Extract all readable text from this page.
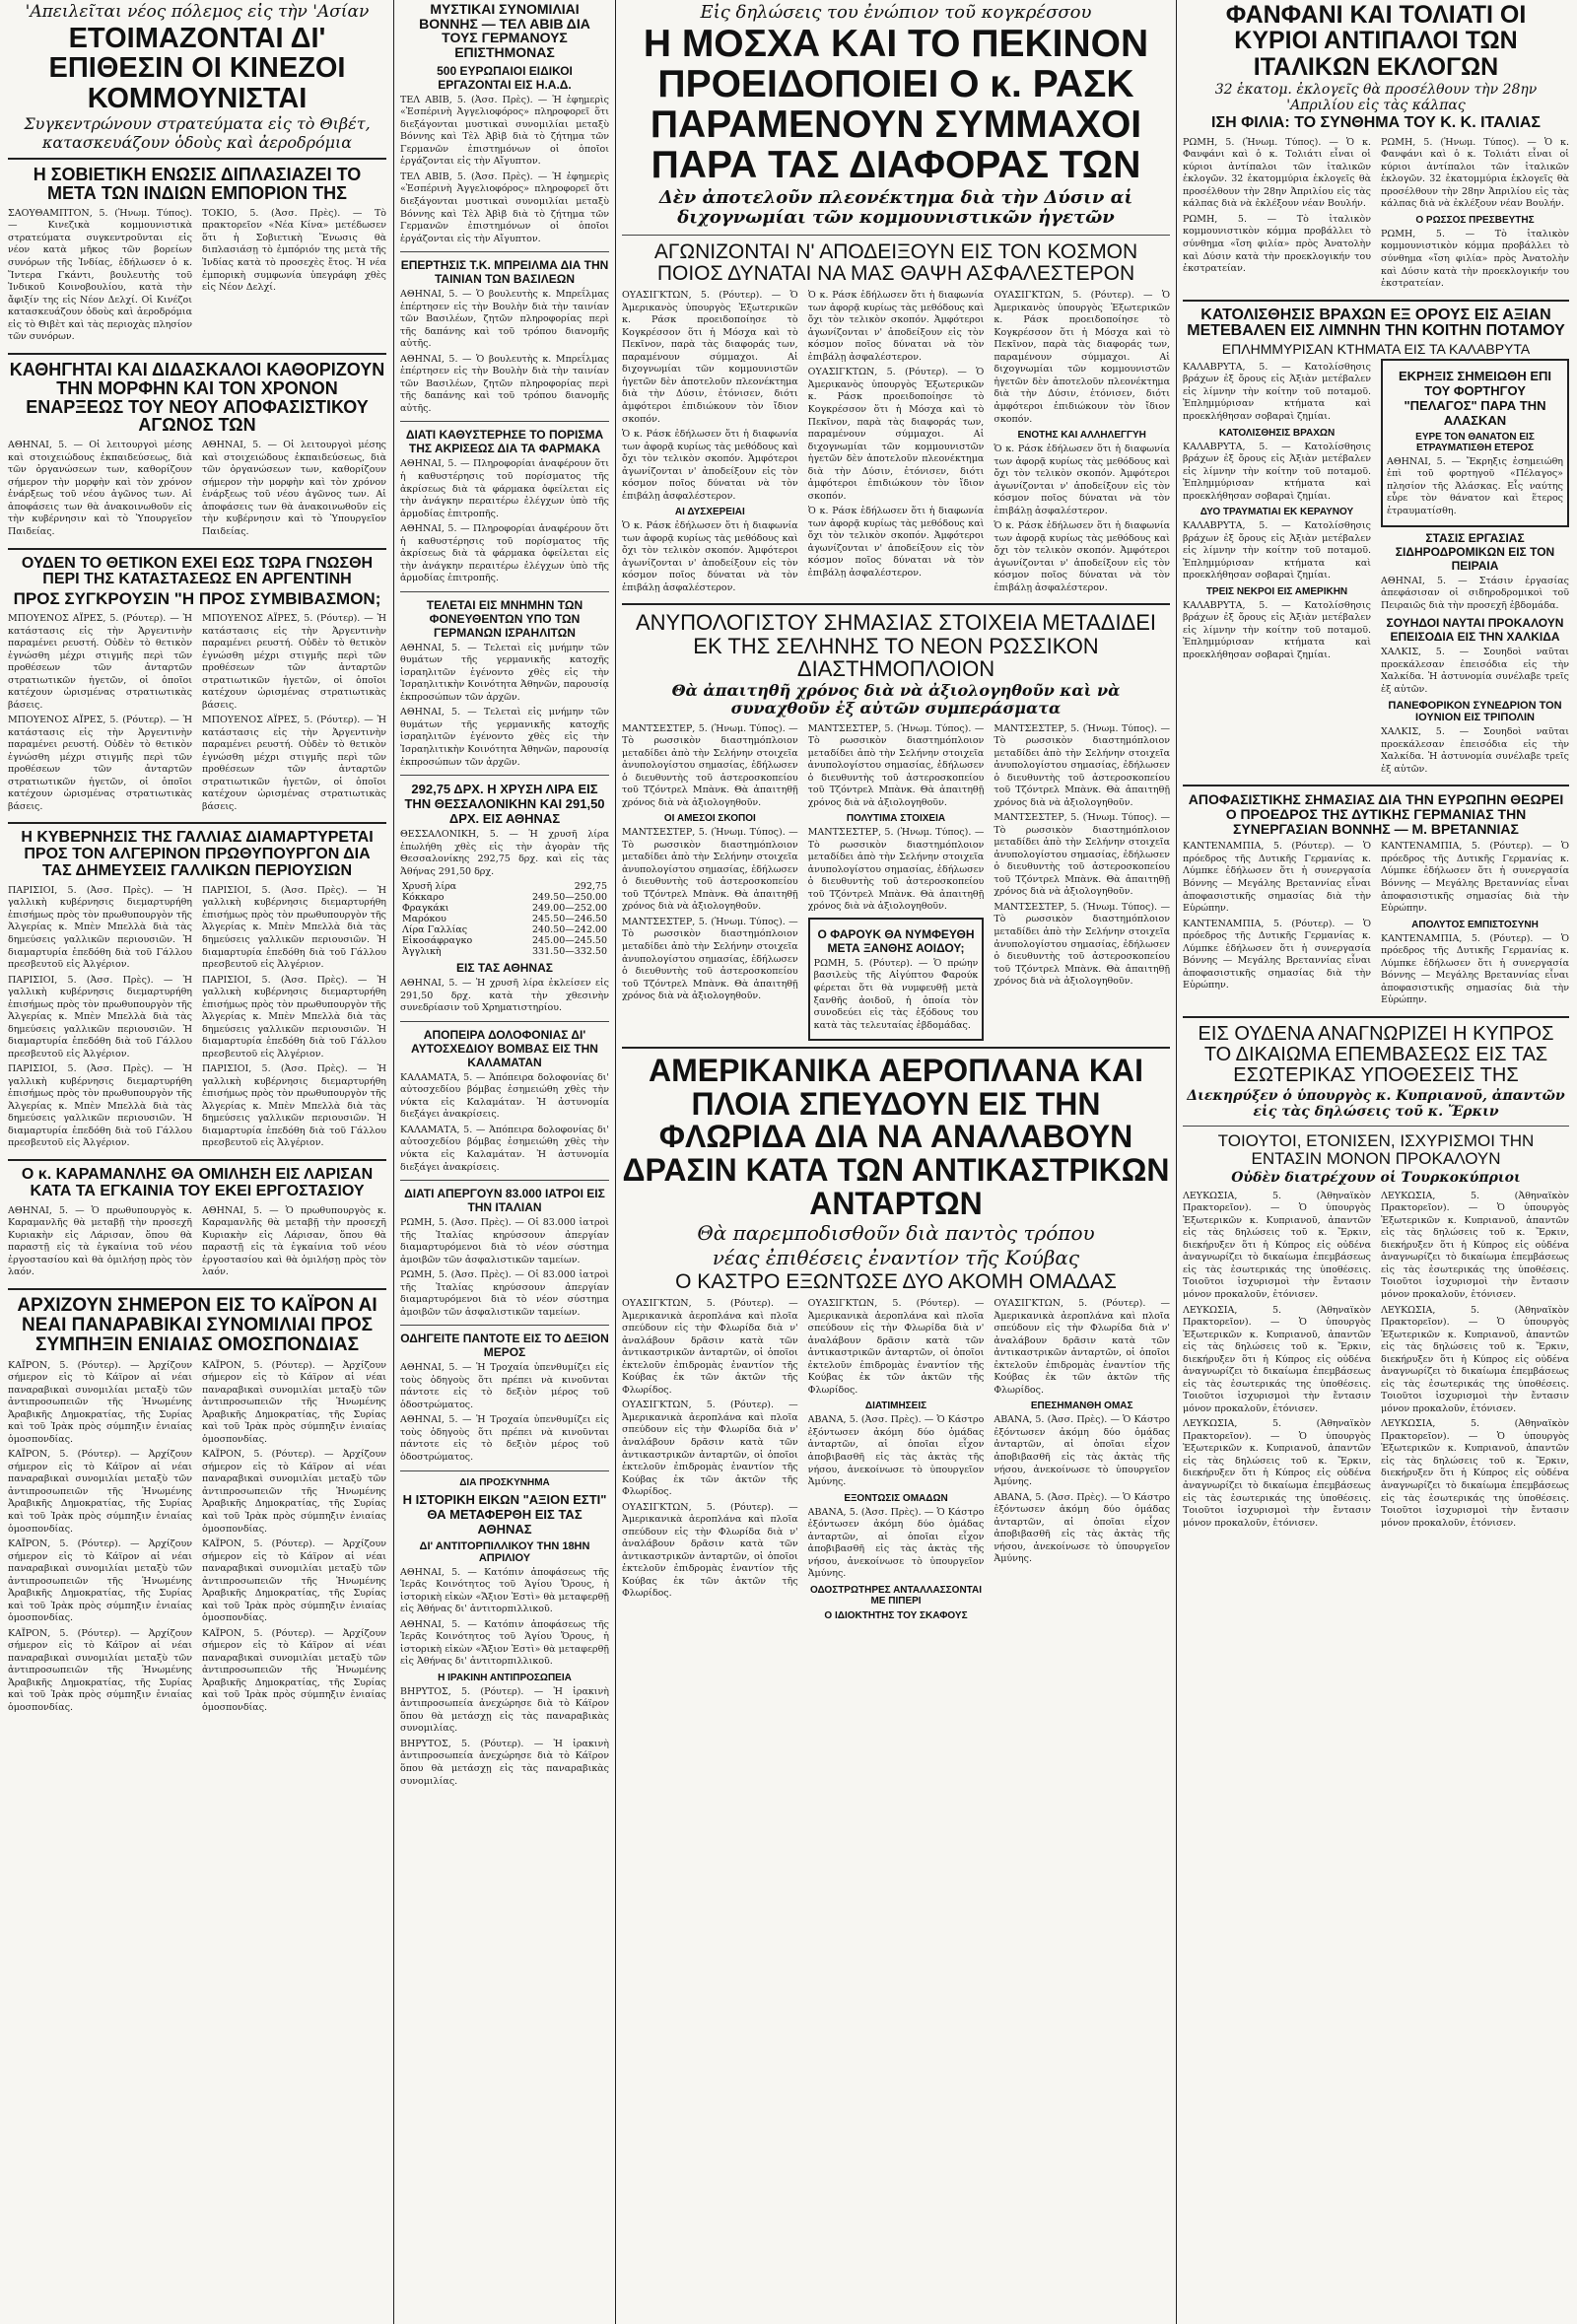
'Απειλεῖται νέος πόλεμος εἰς τὴν 'Ασίαν
ΕΤΟΙΜΑΖΟΝΤΑΙ ΔΙ' ΕΠΙΘΕΣΙΝ ΟΙ ΚΙΝΕΖΟΙ ΚΟΜΜΟΥΝΙΣΤΑΙ
Συγκεντρώνουν στρατεύματα εἰς τὸ Θιβέτ, κατασκευάζουν ὁδοὺς καὶ ἀεροδρόμια
Η ΣΟΒΙΕΤΙΚΗ ΕΝΩΣΙΣ ΔΙΠΛΑΣΙΑΖΕΙ ΤΟ ΜΕΤΑ ΤΩΝ ΙΝΔΙΩΝ ΕΜΠΟΡΙΟΝ ΤΗΣ
ΣΑΟΥΘΑΜΠΤΟΝ, 5. (Ἠνωμ. Τύπος). — Κινεζικὰ κομμουνιστικὰ στρατεύματα συγκεντροῦνται εἰς νέον κατὰ μῆκος τῶν βορείων συνόρων τῆς Ἰνδίας, ἐδήλωσεν ὁ κ. Ἴντερα Γκάντι, βουλευτὴς τοῦ Ἰνδικοῦ Κοινοβουλίου, κατὰ τὴν ἄφιξίν της εἰς Νέον Δελχί. Οἱ Κινέζοι κατασκευάζουν ὁδοὺς καὶ ἀεροδρόμια εἰς τὸ Θιβὲτ καὶ τὰς περιοχὰς πλησίον τῶν συνόρων.
ΤΟΚΙΟ, 5. (Ἀσσ. Πρὲς). — Τὸ πρακτορεῖον «Νέα Κίνα» μετέδωσεν ὅτι ἡ Σοβιετικὴ Ἕνωσις θὰ διπλασιάσῃ τὸ ἐμπόριόν της μετὰ τῆς Ἰνδίας κατὰ τὸ προσεχὲς ἔτος. Ἡ νέα ἐμπορικὴ συμφωνία ὑπεγράφη χθὲς εἰς Νέον Δελχί.
ΚΑΘΗΓΗΤΑΙ ΚΑΙ ΔΙΔΑΣΚΑΛΟΙ ΚΑΘΟΡΙΖΟΥΝ ΤΗΝ ΜΟΡΦΗΝ ΚΑΙ ΤΟΝ ΧΡΟΝΟΝ ΕΝΑΡΞΕΩΣ ΤΟΥ ΝΕΟΥ ΑΠΟΦΑΣΙΣΤΙΚΟΥ ΑΓΩΝΟΣ ΤΩΝ
ΑΘΗΝΑΙ, 5. — Οἱ λειτουργοὶ μέσης καὶ στοιχειώδους ἐκπαιδεύσεως, διὰ τῶν ὀργανώσεων των, καθορίζουν σήμερον τὴν μορφὴν καὶ τὸν χρόνον ἐνάρξεως τοῦ νέου ἀγῶνος των. Αἱ ἀποφάσεις των θὰ ἀνακοινωθοῦν εἰς τὴν κυβέρνησιν καὶ τὸ Ὑπουργεῖον Παιδείας.
ΑΘΗΝΑΙ, 5. — Οἱ λειτουργοὶ μέσης καὶ στοιχειώδους ἐκπαιδεύσεως, διὰ τῶν ὀργανώσεων των, καθορίζουν σήμερον τὴν μορφὴν καὶ τὸν χρόνον ἐνάρξεως τοῦ νέου ἀγῶνος των. Αἱ ἀποφάσεις των θὰ ἀνακοινωθοῦν εἰς τὴν κυβέρνησιν καὶ τὸ Ὑπουργεῖον Παιδείας.
ΟΥΔΕΝ ΤΟ ΘΕΤΙΚΟΝ ΕΧΕΙ ΕΩΣ ΤΩΡΑ ΓΝΩΣΘΗ ΠΕΡΙ ΤΗΣ ΚΑΤΑΣΤΑΣΕΩΣ ΕΝ ΑΡΓΕΝΤΙΝΗ
ΠΡΟΣ ΣΥΓΚΡΟΥΣΙΝ "Η ΠΡΟΣ ΣΥΜΒΙΒΑΣΜΟΝ;
ΜΠΟΥΕΝΟΣ ΑΪΡΕΣ, 5. (Ρόυτερ). — Ἡ κατάστασις εἰς τὴν Ἀργεντινὴν παραμένει ρευστή. Οὐδὲν τὸ θετικὸν ἐγνώσθη μέχρι στιγμῆς περὶ τῶν προθέσεων τῶν ἀνταρτῶν στρατιωτικῶν ἡγετῶν, οἱ ὁποῖοι κατέχουν ὡρισμένας στρατιωτικὰς βάσεις.
ΜΠΟΥΕΝΟΣ ΑΪΡΕΣ, 5. (Ρόυτερ). — Ἡ κατάστασις εἰς τὴν Ἀργεντινὴν παραμένει ρευστή. Οὐδὲν τὸ θετικὸν ἐγνώσθη μέχρι στιγμῆς περὶ τῶν προθέσεων τῶν ἀνταρτῶν στρατιωτικῶν ἡγετῶν, οἱ ὁποῖοι κατέχουν ὡρισμένας στρατιωτικὰς βάσεις.
ΜΠΟΥΕΝΟΣ ΑΪΡΕΣ, 5. (Ρόυτερ). — Ἡ κατάστασις εἰς τὴν Ἀργεντινὴν παραμένει ρευστή. Οὐδὲν τὸ θετικὸν ἐγνώσθη μέχρι στιγμῆς περὶ τῶν προθέσεων τῶν ἀνταρτῶν στρατιωτικῶν ἡγετῶν, οἱ ὁποῖοι κατέχουν ὡρισμένας στρατιωτικὰς βάσεις.
ΜΠΟΥΕΝΟΣ ΑΪΡΕΣ, 5. (Ρόυτερ). — Ἡ κατάστασις εἰς τὴν Ἀργεντινὴν παραμένει ρευστή. Οὐδὲν τὸ θετικὸν ἐγνώσθη μέχρι στιγμῆς περὶ τῶν προθέσεων τῶν ἀνταρτῶν στρατιωτικῶν ἡγετῶν, οἱ ὁποῖοι κατέχουν ὡρισμένας στρατιωτικὰς βάσεις.
Η ΚΥΒΕΡΝΗΣΙΣ ΤΗΣ ΓΑΛΛΙΑΣ ΔΙΑΜΑΡΤΥΡΕΤΑΙ ΠΡΟΣ ΤΟΝ ΑΛΓΕΡΙΝΟΝ ΠΡΩΘΥΠΟΥΡΓΟΝ ΔΙΑ ΤΑΣ ΔΗΜΕΥΣΕΙΣ ΓΑΛΛΙΚΩΝ ΠΕΡΙΟΥΣΙΩΝ
ΠΑΡΙΣΙΟΙ, 5. (Ἀσσ. Πρὲς). — Ἡ γαλλικὴ κυβέρνησις διεμαρτυρήθη ἐπισήμως πρὸς τὸν πρωθυπουργὸν τῆς Ἀλγερίας κ. Μπὲν Μπελλὰ διὰ τὰς δημεύσεις γαλλικῶν περιουσιῶν. Ἡ διαμαρτυρία ἐπεδόθη διὰ τοῦ Γάλλου πρεσβευτοῦ εἰς Ἀλγέριον.
ΠΑΡΙΣΙΟΙ, 5. (Ἀσσ. Πρὲς). — Ἡ γαλλικὴ κυβέρνησις διεμαρτυρήθη ἐπισήμως πρὸς τὸν πρωθυπουργὸν τῆς Ἀλγερίας κ. Μπὲν Μπελλὰ διὰ τὰς δημεύσεις γαλλικῶν περιουσιῶν. Ἡ διαμαρτυρία ἐπεδόθη διὰ τοῦ Γάλλου πρεσβευτοῦ εἰς Ἀλγέριον.
ΠΑΡΙΣΙΟΙ, 5. (Ἀσσ. Πρὲς). — Ἡ γαλλικὴ κυβέρνησις διεμαρτυρήθη ἐπισήμως πρὸς τὸν πρωθυπουργὸν τῆς Ἀλγερίας κ. Μπὲν Μπελλὰ διὰ τὰς δημεύσεις γαλλικῶν περιουσιῶν. Ἡ διαμαρτυρία ἐπεδόθη διὰ τοῦ Γάλλου πρεσβευτοῦ εἰς Ἀλγέριον.
ΠΑΡΙΣΙΟΙ, 5. (Ἀσσ. Πρὲς). — Ἡ γαλλικὴ κυβέρνησις διεμαρτυρήθη ἐπισήμως πρὸς τὸν πρωθυπουργὸν τῆς Ἀλγερίας κ. Μπὲν Μπελλὰ διὰ τὰς δημεύσεις γαλλικῶν περιουσιῶν. Ἡ διαμαρτυρία ἐπεδόθη διὰ τοῦ Γάλλου πρεσβευτοῦ εἰς Ἀλγέριον.
ΠΑΡΙΣΙΟΙ, 5. (Ἀσσ. Πρὲς). — Ἡ γαλλικὴ κυβέρνησις διεμαρτυρήθη ἐπισήμως πρὸς τὸν πρωθυπουργὸν τῆς Ἀλγερίας κ. Μπὲν Μπελλὰ διὰ τὰς δημεύσεις γαλλικῶν περιουσιῶν. Ἡ διαμαρτυρία ἐπεδόθη διὰ τοῦ Γάλλου πρεσβευτοῦ εἰς Ἀλγέριον.
ΠΑΡΙΣΙΟΙ, 5. (Ἀσσ. Πρὲς). — Ἡ γαλλικὴ κυβέρνησις διεμαρτυρήθη ἐπισήμως πρὸς τὸν πρωθυπουργὸν τῆς Ἀλγερίας κ. Μπὲν Μπελλὰ διὰ τὰς δημεύσεις γαλλικῶν περιουσιῶν. Ἡ διαμαρτυρία ἐπεδόθη διὰ τοῦ Γάλλου πρεσβευτοῦ εἰς Ἀλγέριον.
Ο κ. ΚΑΡΑΜΑΝΛΗΣ ΘΑ ΟΜΙΛΗΣΗ ΕΙΣ ΛΑΡΙΣΑΝ ΚΑΤΑ ΤΑ ΕΓΚΑΙΝΙΑ ΤΟΥ ΕΚΕΙ ΕΡΓΟΣΤΑΣΙΟΥ
ΑΘΗΝΑΙ, 5. — Ὁ πρωθυπουργὸς κ. Καραμανλῆς θὰ μεταβῇ τὴν προσεχῆ Κυριακὴν εἰς Λάρισαν, ὅπου θὰ παραστῇ εἰς τὰ ἐγκαίνια τοῦ νέου ἐργοστασίου καὶ θὰ ὁμιλήσῃ πρὸς τὸν λαόν.
ΑΘΗΝΑΙ, 5. — Ὁ πρωθυπουργὸς κ. Καραμανλῆς θὰ μεταβῇ τὴν προσεχῆ Κυριακὴν εἰς Λάρισαν, ὅπου θὰ παραστῇ εἰς τὰ ἐγκαίνια τοῦ νέου ἐργοστασίου καὶ θὰ ὁμιλήσῃ πρὸς τὸν λαόν.
ΑΡΧΙΖΟΥΝ ΣΗΜΕΡΟΝ ΕΙΣ ΤΟ ΚΑΪΡΟΝ ΑΙ ΝΕΑΙ ΠΑΝΑΡΑΒΙΚΑΙ ΣΥΝΟΜΙΛΙΑΙ ΠΡΟΣ ΣΥΜΠΗΞΙΝ ΕΝΙΑΙΑΣ ΟΜΟΣΠΟΝΔΙΑΣ
ΚΑΪΡΟΝ, 5. (Ρόυτερ). — Ἀρχίζουν σήμερον εἰς τὸ Κάϊρον αἱ νέαι παναραβικαὶ συνομιλίαι μεταξὺ τῶν ἀντιπροσωπειῶν τῆς Ἡνωμένης Ἀραβικῆς Δημοκρατίας, τῆς Συρίας καὶ τοῦ Ἰρὰκ πρὸς σύμπηξιν ἑνιαίας ὁμοσπονδίας.
ΚΑΪΡΟΝ, 5. (Ρόυτερ). — Ἀρχίζουν σήμερον εἰς τὸ Κάϊρον αἱ νέαι παναραβικαὶ συνομιλίαι μεταξὺ τῶν ἀντιπροσωπειῶν τῆς Ἡνωμένης Ἀραβικῆς Δημοκρατίας, τῆς Συρίας καὶ τοῦ Ἰρὰκ πρὸς σύμπηξιν ἑνιαίας ὁμοσπονδίας.
ΚΑΪΡΟΝ, 5. (Ρόυτερ). — Ἀρχίζουν σήμερον εἰς τὸ Κάϊρον αἱ νέαι παναραβικαὶ συνομιλίαι μεταξὺ τῶν ἀντιπροσωπειῶν τῆς Ἡνωμένης Ἀραβικῆς Δημοκρατίας, τῆς Συρίας καὶ τοῦ Ἰρὰκ πρὸς σύμπηξιν ἑνιαίας ὁμοσπονδίας.
ΚΑΪΡΟΝ, 5. (Ρόυτερ). — Ἀρχίζουν σήμερον εἰς τὸ Κάϊρον αἱ νέαι παναραβικαὶ συνομιλίαι μεταξὺ τῶν ἀντιπροσωπειῶν τῆς Ἡνωμένης Ἀραβικῆς Δημοκρατίας, τῆς Συρίας καὶ τοῦ Ἰρὰκ πρὸς σύμπηξιν ἑνιαίας ὁμοσπονδίας.
ΚΑΪΡΟΝ, 5. (Ρόυτερ). — Ἀρχίζουν σήμερον εἰς τὸ Κάϊρον αἱ νέαι παναραβικαὶ συνομιλίαι μεταξὺ τῶν ἀντιπροσωπειῶν τῆς Ἡνωμένης Ἀραβικῆς Δημοκρατίας, τῆς Συρίας καὶ τοῦ Ἰρὰκ πρὸς σύμπηξιν ἑνιαίας ὁμοσπονδίας.
ΚΑΪΡΟΝ, 5. (Ρόυτερ). — Ἀρχίζουν σήμερον εἰς τὸ Κάϊρον αἱ νέαι παναραβικαὶ συνομιλίαι μεταξὺ τῶν ἀντιπροσωπειῶν τῆς Ἡνωμένης Ἀραβικῆς Δημοκρατίας, τῆς Συρίας καὶ τοῦ Ἰρὰκ πρὸς σύμπηξιν ἑνιαίας ὁμοσπονδίας.
ΚΑΪΡΟΝ, 5. (Ρόυτερ). — Ἀρχίζουν σήμερον εἰς τὸ Κάϊρον αἱ νέαι παναραβικαὶ συνομιλίαι μεταξὺ τῶν ἀντιπροσωπειῶν τῆς Ἡνωμένης Ἀραβικῆς Δημοκρατίας, τῆς Συρίας καὶ τοῦ Ἰρὰκ πρὸς σύμπηξιν ἑνιαίας ὁμοσπονδίας.
ΚΑΪΡΟΝ, 5. (Ρόυτερ). — Ἀρχίζουν σήμερον εἰς τὸ Κάϊρον αἱ νέαι παναραβικαὶ συνομιλίαι μεταξὺ τῶν ἀντιπροσωπειῶν τῆς Ἡνωμένης Ἀραβικῆς Δημοκρατίας, τῆς Συρίας καὶ τοῦ Ἰρὰκ πρὸς σύμπηξιν ἑνιαίας ὁμοσπονδίας.
ΜΥΣΤΙΚΑΙ ΣΥΝΟΜΙΛΙΑΙ ΒΟΝΝΗΣ — ΤΕΛ ΑΒΙΒ ΔΙΑ ΤΟΥΣ ΓΕΡΜΑΝΟΥΣ ΕΠΙΣΤΗΜΟΝΑΣ
500 ΕΥΡΩΠΑΙΟΙ ΕΙΔΙΚΟΙ ΕΡΓΑΖΟΝΤΑΙ ΕΙΣ Η.Α.Δ.
ΤΕΛ ΑΒΙΒ, 5. (Ἀσσ. Πρὲς). — Ἡ ἐφημερὶς «Ἐσπέρινὴ Ἀγγελιοφόρος» πληροφορεῖ ὅτι διεξάγονται μυστικαὶ συνομιλίαι μεταξὺ Βόννης καὶ Τὲλ Ἀβὶβ διὰ τὸ ζήτημα τῶν Γερμανῶν ἐπιστημόνων οἱ ὁποῖοι ἐργάζονται εἰς τὴν Αἴγυπτον.
ΤΕΛ ΑΒΙΒ, 5. (Ἀσσ. Πρὲς). — Ἡ ἐφημερὶς «Ἐσπέρινὴ Ἀγγελιοφόρος» πληροφορεῖ ὅτι διεξάγονται μυστικαὶ συνομιλίαι μεταξὺ Βόννης καὶ Τὲλ Ἀβὶβ διὰ τὸ ζήτημα τῶν Γερμανῶν ἐπιστημόνων οἱ ὁποῖοι ἐργάζονται εἰς τὴν Αἴγυπτον.
ΕΠΕΡΤΗΣΙΣ Τ.Κ. ΜΠΡΕΙΛΜΑ ΔΙΑ ΤΗΝ ΤΑΙΝΙΑΝ ΤΩΝ ΒΑΣΙΛΕΩΝ
ΑΘΗΝΑΙ, 5. — Ὁ βουλευτὴς κ. Μπρεΐλμας ἐπέρτησεν εἰς τὴν Βουλὴν διὰ τὴν ταινίαν τῶν Βασιλέων, ζητῶν πληροφορίας περὶ τῆς δαπάνης καὶ τοῦ τρόπου διανομῆς αὐτῆς.
ΑΘΗΝΑΙ, 5. — Ὁ βουλευτὴς κ. Μπρεΐλμας ἐπέρτησεν εἰς τὴν Βουλὴν διὰ τὴν ταινίαν τῶν Βασιλέων, ζητῶν πληροφορίας περὶ τῆς δαπάνης καὶ τοῦ τρόπου διανομῆς αὐτῆς.
ΔΙΑΤΙ ΚΑΘΥΣΤΕΡΗΣΕ ΤΟ ΠΟΡΙΣΜΑ ΤΗΣ ΑΚΡΙΣΕΩΣ ΔΙΑ ΤΑ ΦΑΡΜΑΚΑ
ΑΘΗΝΑΙ, 5. — Πληροφορίαι ἀναφέρουν ὅτι ἡ καθυστέρησις τοῦ πορίσματος τῆς ἀκρίσεως διὰ τὰ φάρμακα ὀφείλεται εἰς τὴν ἀνάγκην περαιτέρω ἐλέγχων ὑπὸ τῆς ἁρμοδίας ἐπιτροπῆς.
ΑΘΗΝΑΙ, 5. — Πληροφορίαι ἀναφέρουν ὅτι ἡ καθυστέρησις τοῦ πορίσματος τῆς ἀκρίσεως διὰ τὰ φάρμακα ὀφείλεται εἰς τὴν ἀνάγκην περαιτέρω ἐλέγχων ὑπὸ τῆς ἁρμοδίας ἐπιτροπῆς.
ΤΕΛΕΤΑΙ ΕΙΣ ΜΝΗΜΗΝ ΤΩΝ ΦΟΝΕΥΘΕΝΤΩΝ ΥΠΟ ΤΩΝ ΓΕΡΜΑΝΩΝ ΙΣΡΑΗΛΙΤΩΝ
ΑΘΗΝΑΙ, 5. — Τελεταὶ εἰς μνήμην τῶν θυμάτων τῆς γερμανικῆς κατοχῆς ἰσραηλιτῶν ἐγένοντο χθὲς εἰς τὴν Ἰσραηλιτικὴν Κοινότητα Ἀθηνῶν, παρουσίᾳ ἐκπροσώπων τῶν ἀρχῶν.
ΑΘΗΝΑΙ, 5. — Τελεταὶ εἰς μνήμην τῶν θυμάτων τῆς γερμανικῆς κατοχῆς ἰσραηλιτῶν ἐγένοντο χθὲς εἰς τὴν Ἰσραηλιτικὴν Κοινότητα Ἀθηνῶν, παρουσίᾳ ἐκπροσώπων τῶν ἀρχῶν.
292,75 ΔΡΧ. Η ΧΡΥΣΗ ΛΙΡΑ ΕΙΣ ΤΗΝ ΘΕΣΣΑΛΟΝΙΚΗΝ ΚΑΙ 291,50 ΔΡΧ. ΕΙΣ ΑΘΗΝΑΣ
ΘΕΣΣΑΛΟΝΙΚΗ, 5. — Ἡ χρυσῆ λίρα ἐπωλήθη χθὲς εἰς τὴν ἀγορὰν τῆς Θεσσαλονίκης 292,75 δρχ. καὶ εἰς τὰς Ἀθήνας 291,50 δρχ.
Χρυσῆ λίρα	292,75
Κόκκαρο	249.50—250.00
Φραγκάκι	249.00—252.00
Μαρόκου	245.50—246.50
Λίρα Γαλλίας	240.50—242.00
Εἰκοσάφραγκο	245.00—245.50
Ἀγγλικὴ	331.50—332.50
ΕΙΣ ΤΑΣ ΑΘΗΝΑΣ
ΑΘΗΝΑΙ, 5. — Ἡ χρυσῆ λίρα ἐκλείσεν εἰς 291,50 δρχ. κατὰ τὴν χθεσινὴν συνεδρίασιν τοῦ Χρηματιστηρίου.
ΑΠΟΠΕΙΡΑ ΔΟΛΟΦΟΝΙΑΣ ΔΙ' ΑΥΤΟΣΧΕΔΙΟΥ ΒΟΜΒΑΣ ΕΙΣ ΤΗΝ ΚΑΛΑΜΑΤΑΝ
ΚΑΛΑΜΑΤΑ, 5. — Ἀπόπειρα δολοφονίας δι' αὐτοσχεδίου βόμβας ἐσημειώθη χθὲς τὴν νύκτα εἰς Καλαμάταν. Ἡ ἀστυνομία διεξάγει ἀνακρίσεις.
ΚΑΛΑΜΑΤΑ, 5. — Ἀπόπειρα δολοφονίας δι' αὐτοσχεδίου βόμβας ἐσημειώθη χθὲς τὴν νύκτα εἰς Καλαμάταν. Ἡ ἀστυνομία διεξάγει ἀνακρίσεις.
ΔΙΑΤΙ ΑΠΕΡΓΟΥΝ 83.000 ΙΑΤΡΟΙ ΕΙΣ ΤΗΝ ΙΤΑΛΙΑΝ
ΡΩΜΗ, 5. (Ἀσσ. Πρὲς). — Οἱ 83.000 ἰατροὶ τῆς Ἰταλίας κηρύσσουν ἀπεργίαν διαμαρτυρόμενοι διὰ τὸ νέον σύστημα ἀμοιβῶν τῶν ἀσφαλιστικῶν ταμείων.
ΡΩΜΗ, 5. (Ἀσσ. Πρὲς). — Οἱ 83.000 ἰατροὶ τῆς Ἰταλίας κηρύσσουν ἀπεργίαν διαμαρτυρόμενοι διὰ τὸ νέον σύστημα ἀμοιβῶν τῶν ἀσφαλιστικῶν ταμείων.
ΟΔΗΓΕΙΤΕ ΠΑΝΤΟΤΕ ΕΙΣ ΤΟ ΔΕΞΙΟΝ ΜΕΡΟΣ
ΑΘΗΝΑΙ, 5. — Ἡ Τροχαία ὑπενθυμίζει εἰς τοὺς ὁδηγοὺς ὅτι πρέπει νὰ κινοῦνται πάντοτε εἰς τὸ δεξιὸν μέρος τοῦ ὁδοστρώματος.
ΑΘΗΝΑΙ, 5. — Ἡ Τροχαία ὑπενθυμίζει εἰς τοὺς ὁδηγοὺς ὅτι πρέπει νὰ κινοῦνται πάντοτε εἰς τὸ δεξιὸν μέρος τοῦ ὁδοστρώματος.
ΔΙΑ ΠΡΟΣΚΥΝΗΜΑ
Η ΙΣΤΟΡΙΚΗ ΕΙΚΩΝ "ΑΞΙΟΝ ΕΣΤΙ" ΘΑ ΜΕΤΑΦΕΡΘΗ ΕΙΣ ΤΑΣ ΑΘΗΝΑΣ
ΔΙ' ΑΝΤΙΤΟΡΠΙΛΛΙΚΟΥ ΤΗΝ 18ΗΝ ΑΠΡΙΛΙΟΥ
ΑΘΗΝΑΙ, 5. — Κατόπιν ἀποφάσεως τῆς Ἱερᾶς Κοινότητος τοῦ Ἁγίου Ὄρους, ἡ ἱστορικὴ εἰκὼν «Ἄξιον Ἐστὶ» θὰ μεταφερθῇ εἰς Ἀθήνας δι' ἀντιτορπιλλικοῦ.
ΑΘΗΝΑΙ, 5. — Κατόπιν ἀποφάσεως τῆς Ἱερᾶς Κοινότητος τοῦ Ἁγίου Ὄρους, ἡ ἱστορικὴ εἰκὼν «Ἄξιον Ἐστὶ» θὰ μεταφερθῇ εἰς Ἀθήνας δι' ἀντιτορπιλλικοῦ.
Η ΙΡΑΚΙΝΗ ΑΝΤΙΠΡΟΣΩΠΕΙΑ
ΒΗΡΥΤΟΣ, 5. (Ρόυτερ). — Ἡ ἰρακινὴ ἀντιπροσωπεία ἀνεχώρησε διὰ τὸ Κάϊρον ὅπου θὰ μετάσχῃ εἰς τὰς παναραβικὰς συνομιλίας.
ΒΗΡΥΤΟΣ, 5. (Ρόυτερ). — Ἡ ἰρακινὴ ἀντιπροσωπεία ἀνεχώρησε διὰ τὸ Κάϊρον ὅπου θὰ μετάσχῃ εἰς τὰς παναραβικὰς συνομιλίας.
Εἰς δηλώσεις του ἐνώπιον τοῦ κογκρέσσου
Η ΜΟΣΧΑ ΚΑΙ ΤΟ ΠΕΚΙΝΟΝ ΠΡΟΕΙΔΟΠΟΙΕΙ Ο κ. ΡΑΣΚ ΠΑΡΑΜΕΝΟΥΝ ΣΥΜΜΑΧΟΙ ΠΑΡΑ ΤΑΣ ΔΙΑΦΟΡΑΣ ΤΩΝ
Δὲν ἀποτελοῦν πλεονέκτημα διὰ τὴν Δύσιν αἱ διχογνωμίαι τῶν κομμουνιστικῶν ἡγετῶν
ΑΓΩΝΙΖΟΝΤΑΙ Ν' ΑΠΟΔΕΙΞΟΥΝ ΕΙΣ ΤΟΝ ΚΟΣΜΟΝ ΠΟΙΟΣ ΔΥΝΑΤΑΙ ΝΑ ΜΑΣ ΘΑΨΗ ΑΣΦΑΛΕΣΤΕΡΟΝ
ΟΥΑΣΙΓΚΤΩΝ, 5. (Ρόυτερ). — Ὁ Ἀμερικανὸς ὑπουργὸς Ἐξωτερικῶν κ. Ράσκ προειδοποίησε τὸ Κογκρέσσον ὅτι ἡ Μόσχα καὶ τὸ Πεκῖνον, παρὰ τὰς διαφοράς των, παραμένουν σύμμαχοι. Αἱ διχογνωμίαι τῶν κομμουνιστῶν ἡγετῶν δὲν ἀποτελοῦν πλεονέκτημα διὰ τὴν Δύσιν, ἐτόνισεν, διότι ἀμφότεροι ἐπιδιώκουν τὸν ἴδιον σκοπόν.
Ὁ κ. Ράσκ ἐδήλωσεν ὅτι ἡ διαφωνία των ἀφορᾷ κυρίως τὰς μεθόδους καὶ ὄχι τὸν τελικὸν σκοπόν. Ἀμφότεροι ἀγωνίζονται ν' ἀποδείξουν εἰς τὸν κόσμον ποῖος δύναται νὰ τὸν ἐπιβάλῃ ἀσφαλέστερον.
ΑΙ ΔΥΣΧΕΡΕΙΑΙ
Ὁ κ. Ράσκ ἐδήλωσεν ὅτι ἡ διαφωνία των ἀφορᾷ κυρίως τὰς μεθόδους καὶ ὄχι τὸν τελικὸν σκοπόν. Ἀμφότεροι ἀγωνίζονται ν' ἀποδείξουν εἰς τὸν κόσμον ποῖος δύναται νὰ τὸν ἐπιβάλῃ ἀσφαλέστερον.
Ὁ κ. Ράσκ ἐδήλωσεν ὅτι ἡ διαφωνία των ἀφορᾷ κυρίως τὰς μεθόδους καὶ ὄχι τὸν τελικὸν σκοπόν. Ἀμφότεροι ἀγωνίζονται ν' ἀποδείξουν εἰς τὸν κόσμον ποῖος δύναται νὰ τὸν ἐπιβάλῃ ἀσφαλέστερον.
ΟΥΑΣΙΓΚΤΩΝ, 5. (Ρόυτερ). — Ὁ Ἀμερικανὸς ὑπουργὸς Ἐξωτερικῶν κ. Ράσκ προειδοποίησε τὸ Κογκρέσσον ὅτι ἡ Μόσχα καὶ τὸ Πεκῖνον, παρὰ τὰς διαφοράς των, παραμένουν σύμμαχοι. Αἱ διχογνωμίαι τῶν κομμουνιστῶν ἡγετῶν δὲν ἀποτελοῦν πλεονέκτημα διὰ τὴν Δύσιν, ἐτόνισεν, διότι ἀμφότεροι ἐπιδιώκουν τὸν ἴδιον σκοπόν.
Ὁ κ. Ράσκ ἐδήλωσεν ὅτι ἡ διαφωνία των ἀφορᾷ κυρίως τὰς μεθόδους καὶ ὄχι τὸν τελικὸν σκοπόν. Ἀμφότεροι ἀγωνίζονται ν' ἀποδείξουν εἰς τὸν κόσμον ποῖος δύναται νὰ τὸν ἐπιβάλῃ ἀσφαλέστερον.
ΟΥΑΣΙΓΚΤΩΝ, 5. (Ρόυτερ). — Ὁ Ἀμερικανὸς ὑπουργὸς Ἐξωτερικῶν κ. Ράσκ προειδοποίησε τὸ Κογκρέσσον ὅτι ἡ Μόσχα καὶ τὸ Πεκῖνον, παρὰ τὰς διαφοράς των, παραμένουν σύμμαχοι. Αἱ διχογνωμίαι τῶν κομμουνιστῶν ἡγετῶν δὲν ἀποτελοῦν πλεονέκτημα διὰ τὴν Δύσιν, ἐτόνισεν, διότι ἀμφότεροι ἐπιδιώκουν τὸν ἴδιον σκοπόν.
ΕΝΟΤΗΣ ΚΑΙ ΑΛΛΗΛΕΓΓΥΗ
Ὁ κ. Ράσκ ἐδήλωσεν ὅτι ἡ διαφωνία των ἀφορᾷ κυρίως τὰς μεθόδους καὶ ὄχι τὸν τελικὸν σκοπόν. Ἀμφότεροι ἀγωνίζονται ν' ἀποδείξουν εἰς τὸν κόσμον ποῖος δύναται νὰ τὸν ἐπιβάλῃ ἀσφαλέστερον.
Ὁ κ. Ράσκ ἐδήλωσεν ὅτι ἡ διαφωνία των ἀφορᾷ κυρίως τὰς μεθόδους καὶ ὄχι τὸν τελικὸν σκοπόν. Ἀμφότεροι ἀγωνίζονται ν' ἀποδείξουν εἰς τὸν κόσμον ποῖος δύναται νὰ τὸν ἐπιβάλῃ ἀσφαλέστερον.
ΑΝΥΠΟΛΟΓΙΣΤΟΥ ΣΗΜΑΣΙΑΣ ΣΤΟΙΧΕΙΑ ΜΕΤΑΔΙΔΕΙ ΕΚ ΤΗΣ ΣΕΛΗΝΗΣ ΤΟ ΝΕΟΝ ΡΩΣΣΙΚΟΝ ΔΙΑΣΤΗΜΟΠΛΟΙΟΝ
Θὰ ἀπαιτηθῆ χρόνος διὰ νὰ ἀξιολογηθοῦν καὶ νὰ συναχθοῦν ἐξ αὐτῶν συμπεράσματα
ΜΑΝΤΣΕΣΤΕΡ, 5. (Ἠνωμ. Τύπος). — Τὸ ρωσσικὸν διαστημόπλοιον μεταδίδει ἀπὸ τὴν Σελήνην στοιχεῖα ἀνυπολογίστου σημασίας, ἐδήλωσεν ὁ διευθυντὴς τοῦ ἀστεροσκοπείου τοῦ Τζόντρελ Μπὰνκ. Θὰ ἀπαιτηθῇ χρόνος διὰ νὰ ἀξιολογηθοῦν.
ΟΙ ΑΜΕΣΟΙ ΣΚΟΠΟΙ
ΜΑΝΤΣΕΣΤΕΡ, 5. (Ἠνωμ. Τύπος). — Τὸ ρωσσικὸν διαστημόπλοιον μεταδίδει ἀπὸ τὴν Σελήνην στοιχεῖα ἀνυπολογίστου σημασίας, ἐδήλωσεν ὁ διευθυντὴς τοῦ ἀστεροσκοπείου τοῦ Τζόντρελ Μπὰνκ. Θὰ ἀπαιτηθῇ χρόνος διὰ νὰ ἀξιολογηθοῦν.
ΜΑΝΤΣΕΣΤΕΡ, 5. (Ἠνωμ. Τύπος). — Τὸ ρωσσικὸν διαστημόπλοιον μεταδίδει ἀπὸ τὴν Σελήνην στοιχεῖα ἀνυπολογίστου σημασίας, ἐδήλωσεν ὁ διευθυντὴς τοῦ ἀστεροσκοπείου τοῦ Τζόντρελ Μπὰνκ. Θὰ ἀπαιτηθῇ χρόνος διὰ νὰ ἀξιολογηθοῦν.
ΜΑΝΤΣΕΣΤΕΡ, 5. (Ἠνωμ. Τύπος). — Τὸ ρωσσικὸν διαστημόπλοιον μεταδίδει ἀπὸ τὴν Σελήνην στοιχεῖα ἀνυπολογίστου σημασίας, ἐδήλωσεν ὁ διευθυντὴς τοῦ ἀστεροσκοπείου τοῦ Τζόντρελ Μπὰνκ. Θὰ ἀπαιτηθῇ χρόνος διὰ νὰ ἀξιολογηθοῦν.
ΠΟΛΥΤΙΜΑ ΣΤΟΙΧΕΙΑ
ΜΑΝΤΣΕΣΤΕΡ, 5. (Ἠνωμ. Τύπος). — Τὸ ρωσσικὸν διαστημόπλοιον μεταδίδει ἀπὸ τὴν Σελήνην στοιχεῖα ἀνυπολογίστου σημασίας, ἐδήλωσεν ὁ διευθυντὴς τοῦ ἀστεροσκοπείου τοῦ Τζόντρελ Μπὰνκ. Θὰ ἀπαιτηθῇ χρόνος διὰ νὰ ἀξιολογηθοῦν.
Ο ΦΑΡΟΥΚ ΘΑ ΝΥΜΦΕΥΘΗ ΜΕΤΑ ΞΑΝΘΗΣ ΑΟΙΔΟΥ;
ΡΩΜΗ, 5. (Ρόυτερ). — Ὁ πρώην βασιλεὺς τῆς Αἰγύπτου Φαρούκ φέρεται ὅτι θὰ νυμφευθῇ μετὰ ξανθῆς ἀοιδοῦ, ἡ ὁποία τὸν συνοδεύει εἰς τὰς ἐξόδους του κατὰ τὰς τελευταίας ἑβδομάδας.
ΜΑΝΤΣΕΣΤΕΡ, 5. (Ἠνωμ. Τύπος). — Τὸ ρωσσικὸν διαστημόπλοιον μεταδίδει ἀπὸ τὴν Σελήνην στοιχεῖα ἀνυπολογίστου σημασίας, ἐδήλωσεν ὁ διευθυντὴς τοῦ ἀστεροσκοπείου τοῦ Τζόντρελ Μπὰνκ. Θὰ ἀπαιτηθῇ χρόνος διὰ νὰ ἀξιολογηθοῦν.
ΜΑΝΤΣΕΣΤΕΡ, 5. (Ἠνωμ. Τύπος). — Τὸ ρωσσικὸν διαστημόπλοιον μεταδίδει ἀπὸ τὴν Σελήνην στοιχεῖα ἀνυπολογίστου σημασίας, ἐδήλωσεν ὁ διευθυντὴς τοῦ ἀστεροσκοπείου τοῦ Τζόντρελ Μπὰνκ. Θὰ ἀπαιτηθῇ χρόνος διὰ νὰ ἀξιολογηθοῦν.
ΜΑΝΤΣΕΣΤΕΡ, 5. (Ἠνωμ. Τύπος). — Τὸ ρωσσικὸν διαστημόπλοιον μεταδίδει ἀπὸ τὴν Σελήνην στοιχεῖα ἀνυπολογίστου σημασίας, ἐδήλωσεν ὁ διευθυντὴς τοῦ ἀστεροσκοπείου τοῦ Τζόντρελ Μπὰνκ. Θὰ ἀπαιτηθῇ χρόνος διὰ νὰ ἀξιολογηθοῦν.
ΑΜΕΡΙΚΑΝΙΚΑ ΑΕΡΟΠΛΑΝΑ ΚΑΙ ΠΛΟΙΑ ΣΠΕΥΔΟΥΝ ΕΙΣ ΤΗΝ ΦΛΩΡΙΔΑ ΔΙΑ ΝΑ ΑΝΑΛΑΒΟΥΝ ΔΡΑΣΙΝ ΚΑΤΑ ΤΩΝ ΑΝΤΙΚΑΣΤΡΙΚΩΝ ΑΝΤΑΡΤΩΝ
Θὰ παρεμποδισθοῦν διὰ παντὸς τρόπου
νέας ἐπιθέσεις ἐναντίον τῆς Κούβας
Ο ΚΑΣΤΡΟ ΕΞΩΝΤΩΣΕ ΔΥΟ ΑΚΟΜΗ ΟΜΑΔΑΣ
ΟΥΑΣΙΓΚΤΩΝ, 5. (Ρόυτερ). — Ἀμερικανικὰ ἀεροπλάνα καὶ πλοῖα σπεύδουν εἰς τὴν Φλωρίδα διὰ ν' ἀναλάβουν δρᾶσιν κατὰ τῶν ἀντικαστρικῶν ἀνταρτῶν, οἱ ὁποῖοι ἐκτελοῦν ἐπιδρομὰς ἐναντίον τῆς Κούβας ἐκ τῶν ἀκτῶν τῆς Φλωρίδος.
ΟΥΑΣΙΓΚΤΩΝ, 5. (Ρόυτερ). — Ἀμερικανικὰ ἀεροπλάνα καὶ πλοῖα σπεύδουν εἰς τὴν Φλωρίδα διὰ ν' ἀναλάβουν δρᾶσιν κατὰ τῶν ἀντικαστρικῶν ἀνταρτῶν, οἱ ὁποῖοι ἐκτελοῦν ἐπιδρομὰς ἐναντίον τῆς Κούβας ἐκ τῶν ἀκτῶν τῆς Φλωρίδος.
ΟΥΑΣΙΓΚΤΩΝ, 5. (Ρόυτερ). — Ἀμερικανικὰ ἀεροπλάνα καὶ πλοῖα σπεύδουν εἰς τὴν Φλωρίδα διὰ ν' ἀναλάβουν δρᾶσιν κατὰ τῶν ἀντικαστρικῶν ἀνταρτῶν, οἱ ὁποῖοι ἐκτελοῦν ἐπιδρομὰς ἐναντίον τῆς Κούβας ἐκ τῶν ἀκτῶν τῆς Φλωρίδος.
ΟΥΑΣΙΓΚΤΩΝ, 5. (Ρόυτερ). — Ἀμερικανικὰ ἀεροπλάνα καὶ πλοῖα σπεύδουν εἰς τὴν Φλωρίδα διὰ ν' ἀναλάβουν δρᾶσιν κατὰ τῶν ἀντικαστρικῶν ἀνταρτῶν, οἱ ὁποῖοι ἐκτελοῦν ἐπιδρομὰς ἐναντίον τῆς Κούβας ἐκ τῶν ἀκτῶν τῆς Φλωρίδος.
ΔΙΑΤΙΜΗΣΕΙΣ
ΑΒΑΝΑ, 5. (Ἀσσ. Πρὲς). — Ὁ Κάστρο ἐξόντωσεν ἀκόμη δύο ὁμάδας ἀνταρτῶν, αἱ ὁποῖαι εἶχον ἀποβιβασθῆ εἰς τὰς ἀκτὰς τῆς νήσου, ἀνεκοίνωσε τὸ ὑπουργεῖον Ἀμύνης.
ΕΞΟΝΤΩΣΙΣ ΟΜΑΔΩΝ
ΑΒΑΝΑ, 5. (Ἀσσ. Πρὲς). — Ὁ Κάστρο ἐξόντωσεν ἀκόμη δύο ὁμάδας ἀνταρτῶν, αἱ ὁποῖαι εἶχον ἀποβιβασθῆ εἰς τὰς ἀκτὰς τῆς νήσου, ἀνεκοίνωσε τὸ ὑπουργεῖον Ἀμύνης.
ΟΔΟΣΤΡΩΤΗΡΕΣ ΑΝΤΑΛΛΑΣΣΟΝΤΑΙ ΜΕ ΠΙΠΕΡΙ
Ο ΙΔΙΟΚΤΗΤΗΣ ΤΟΥ ΣΚΑΦΟΥΣ
ΟΥΑΣΙΓΚΤΩΝ, 5. (Ρόυτερ). — Ἀμερικανικὰ ἀεροπλάνα καὶ πλοῖα σπεύδουν εἰς τὴν Φλωρίδα διὰ ν' ἀναλάβουν δρᾶσιν κατὰ τῶν ἀντικαστρικῶν ἀνταρτῶν, οἱ ὁποῖοι ἐκτελοῦν ἐπιδρομὰς ἐναντίον τῆς Κούβας ἐκ τῶν ἀκτῶν τῆς Φλωρίδος.
ΕΠΕΣΗΜΑΝΘΗ ΟΜΑΣ
ΑΒΑΝΑ, 5. (Ἀσσ. Πρὲς). — Ὁ Κάστρο ἐξόντωσεν ἀκόμη δύο ὁμάδας ἀνταρτῶν, αἱ ὁποῖαι εἶχον ἀποβιβασθῆ εἰς τὰς ἀκτὰς τῆς νήσου, ἀνεκοίνωσε τὸ ὑπουργεῖον Ἀμύνης.
ΑΒΑΝΑ, 5. (Ἀσσ. Πρὲς). — Ὁ Κάστρο ἐξόντωσεν ἀκόμη δύο ὁμάδας ἀνταρτῶν, αἱ ὁποῖαι εἶχον ἀποβιβασθῆ εἰς τὰς ἀκτὰς τῆς νήσου, ἀνεκοίνωσε τὸ ὑπουργεῖον Ἀμύνης.
ΦΑΝΦΑΝΙ ΚΑΙ ΤΟΛΙΑΤΙ ΟΙ ΚΥΡΙΟΙ ΑΝΤΙΠΑΛΟΙ ΤΩΝ ΙΤΑΛΙΚΩΝ ΕΚΛΟΓΩΝ
32 ἑκατομ. ἐκλογεῖς θὰ προσέλθουν τὴν 28ην 'Απριλίου εἰς τὰς κάλπας
ΙΣΗ ΦΙΛΙΑ: ΤΟ ΣΥΝΘΗΜΑ ΤΟΥ Κ. Κ. ΙΤΑΛΙΑΣ
ΡΩΜΗ, 5. (Ἠνωμ. Τύπος). — Ὁ κ. Φανφάνι καὶ ὁ κ. Τολιάτι εἶναι οἱ κύριοι ἀντίπαλοι τῶν ἰταλικῶν ἐκλογῶν. 32 ἑκατομμύρια ἐκλογεῖς θὰ προσέλθουν τὴν 28ην Ἀπριλίου εἰς τὰς κάλπας διὰ νὰ ἐκλέξουν νέαν Βουλήν.
ΡΩΜΗ, 5. — Τὸ ἰταλικὸν κομμουνιστικὸν κόμμα προβάλλει τὸ σύνθημα «ἴση φιλία» πρὸς Ἀνατολὴν καὶ Δύσιν κατὰ τὴν προεκλογικήν του ἐκστρατείαν.
ΡΩΜΗ, 5. (Ἠνωμ. Τύπος). — Ὁ κ. Φανφάνι καὶ ὁ κ. Τολιάτι εἶναι οἱ κύριοι ἀντίπαλοι τῶν ἰταλικῶν ἐκλογῶν. 32 ἑκατομμύρια ἐκλογεῖς θὰ προσέλθουν τὴν 28ην Ἀπριλίου εἰς τὰς κάλπας διὰ νὰ ἐκλέξουν νέαν Βουλήν.
Ο ΡΩΣΣΟΣ ΠΡΕΣΒΕΥΤΗΣ
ΡΩΜΗ, 5. — Τὸ ἰταλικὸν κομμουνιστικὸν κόμμα προβάλλει τὸ σύνθημα «ἴση φιλία» πρὸς Ἀνατολὴν καὶ Δύσιν κατὰ τὴν προεκλογικήν του ἐκστρατείαν.
ΚΑΤΟΛΙΣΘΗΣΙΣ ΒΡΑΧΩΝ ΕΞ ΟΡΟΥΣ ΕΙΣ ΑΞΙΑΝ ΜΕΤΕΒΑΛΕΝ ΕΙΣ ΛΙΜΝΗΝ ΤΗΝ ΚΟΙΤΗΝ ΠΟΤΑΜΟΥ
ΕΠΛΗΜΜΥΡΙΣΑΝ ΚΤΗΜΑΤΑ ΕΙΣ ΤΑ ΚΑΛΑΒΡΥΤΑ
ΚΑΛΑΒΡΥΤΑ, 5. — Κατολίσθησις βράχων ἐξ ὄρους εἰς Ἀξιὰν μετέβαλεν εἰς λίμνην τὴν κοίτην τοῦ ποταμοῦ. Ἐπλημμύρισαν κτήματα καὶ προεκλήθησαν σοβαραὶ ζημίαι.
ΚΑΤΟΛΙΣΘΗΣΙΣ ΒΡΑΧΩΝ
ΚΑΛΑΒΡΥΤΑ, 5. — Κατολίσθησις βράχων ἐξ ὄρους εἰς Ἀξιὰν μετέβαλεν εἰς λίμνην τὴν κοίτην τοῦ ποταμοῦ. Ἐπλημμύρισαν κτήματα καὶ προεκλήθησαν σοβαραὶ ζημίαι.
ΔΥΟ ΤΡΑΥΜΑΤΙΑΙ ΕΚ ΚΕΡΑΥΝΟΥ
ΚΑΛΑΒΡΥΤΑ, 5. — Κατολίσθησις βράχων ἐξ ὄρους εἰς Ἀξιὰν μετέβαλεν εἰς λίμνην τὴν κοίτην τοῦ ποταμοῦ. Ἐπλημμύρισαν κτήματα καὶ προεκλήθησαν σοβαραὶ ζημίαι.
ΤΡΕΙΣ ΝΕΚΡΟΙ ΕΙΣ ΑΜΕΡΙΚΗΝ
ΚΑΛΑΒΡΥΤΑ, 5. — Κατολίσθησις βράχων ἐξ ὄρους εἰς Ἀξιὰν μετέβαλεν εἰς λίμνην τὴν κοίτην τοῦ ποταμοῦ. Ἐπλημμύρισαν κτήματα καὶ προεκλήθησαν σοβαραὶ ζημίαι.
ΕΚΡΗΞΙΣ ΣΗΜΕΙΩΘΗ ΕΠΙ ΤΟΥ ΦΟΡΤΗΓΟΥ "ΠΕΛΑΓΟΣ" ΠΑΡΑ ΤΗΝ ΑΛΑΣΚΑΝ
ΕΥΡΕ ΤΟΝ ΘΑΝΑΤΟΝ ΕΙΣ ΕΤΡΑΥΜΑΤΙΣΘΗ ΕΤΕΡΟΣ
ΑΘΗΝΑΙ, 5. — Ἔκρηξις ἐσημειώθη ἐπὶ τοῦ φορτηγοῦ «Πέλαγος» πλησίον τῆς Ἀλάσκας. Εἷς ναύτης εὗρε τὸν θάνατον καὶ ἕτερος ἐτραυματίσθη.
ΣΤΑΣΙΣ ΕΡΓΑΣΙΑΣ ΣΙΔΗΡΟΔΡΟΜΙΚΩΝ ΕΙΣ ΤΟΝ ΠΕΙΡΑΙΑ
ΑΘΗΝΑΙ, 5. — Στάσιν ἐργασίας ἀπεφάσισαν οἱ σιδηροδρομικοὶ τοῦ Πειραιῶς διὰ τὴν προσεχῆ ἑβδομάδα.
ΣΟΥΗΔΟΙ ΝΑΥΤΑΙ ΠΡΟΚΑΛΟΥΝ ΕΠΕΙΣΟΔΙΑ ΕΙΣ ΤΗΝ ΧΑΛΚΙΔΑ
ΧΑΛΚΙΣ, 5. — Σουηδοὶ ναῦται προεκάλεσαν ἐπεισόδια εἰς τὴν Χαλκίδα. Ἡ ἀστυνομία συνέλαβε τρεῖς ἐξ αὐτῶν.
ΠΑΝΕΦΟΡΙΚΟΝ ΣΥΝΕΔΡΙΟΝ ΤΟΝ ΙΟΥΝΙΟΝ ΕΙΣ ΤΡΙΠΟΛΙΝ
ΧΑΛΚΙΣ, 5. — Σουηδοὶ ναῦται προεκάλεσαν ἐπεισόδια εἰς τὴν Χαλκίδα. Ἡ ἀστυνομία συνέλαβε τρεῖς ἐξ αὐτῶν.
ΑΠΟΦΑΣΙΣΤΙΚΗΣ ΣΗΜΑΣΙΑΣ ΔΙΑ ΤΗΝ ΕΥΡΩΠΗΝ ΘΕΩΡΕΙ Ο ΠΡΟΕΔΡΟΣ ΤΗΣ ΔΥΤΙΚΗΣ ΓΕΡΜΑΝΙΑΣ ΤΗΝ ΣΥΝΕΡΓΑΣΙΑΝ ΒΟΝΝΗΣ — Μ. ΒΡΕΤΑΝΝΙΑΣ
ΚΑΝΤΕΝΑΜΠΙΑ, 5. (Ρόυτερ). — Ὁ πρόεδρος τῆς Δυτικῆς Γερμανίας κ. Λύμπκε ἐδήλωσεν ὅτι ἡ συνεργασία Βόννης — Μεγάλης Βρεταννίας εἶναι ἀποφασιστικῆς σημασίας διὰ τὴν Εὐρώπην.
ΚΑΝΤΕΝΑΜΠΙΑ, 5. (Ρόυτερ). — Ὁ πρόεδρος τῆς Δυτικῆς Γερμανίας κ. Λύμπκε ἐδήλωσεν ὅτι ἡ συνεργασία Βόννης — Μεγάλης Βρεταννίας εἶναι ἀποφασιστικῆς σημασίας διὰ τὴν Εὐρώπην.
ΚΑΝΤΕΝΑΜΠΙΑ, 5. (Ρόυτερ). — Ὁ πρόεδρος τῆς Δυτικῆς Γερμανίας κ. Λύμπκε ἐδήλωσεν ὅτι ἡ συνεργασία Βόννης — Μεγάλης Βρεταννίας εἶναι ἀποφασιστικῆς σημασίας διὰ τὴν Εὐρώπην.
ΑΠΟΛΥΤΟΣ ΕΜΠΙΣΤΟΣΥΝΗ
ΚΑΝΤΕΝΑΜΠΙΑ, 5. (Ρόυτερ). — Ὁ πρόεδρος τῆς Δυτικῆς Γερμανίας κ. Λύμπκε ἐδήλωσεν ὅτι ἡ συνεργασία Βόννης — Μεγάλης Βρεταννίας εἶναι ἀποφασιστικῆς σημασίας διὰ τὴν Εὐρώπην.
ΕΙΣ ΟΥΔΕΝΑ ΑΝΑΓΝΩΡΙΖΕΙ Η ΚΥΠΡΟΣ ΤΟ ΔΙΚΑΙΩΜΑ ΕΠΕΜΒΑΣΕΩΣ ΕΙΣ ΤΑΣ ΕΣΩΤΕΡΙΚΑΣ ΥΠΟΘΕΣΕΙΣ ΤΗΣ
Διεκηρύξεν ὁ ὑπουργὸς κ. Κυπριανοῦ, ἀπαντῶν εἰς τὰς δηλώσεις τοῦ κ. Ἔρκιν
ΤΟΙΟΥΤΟΙ, ΕΤΟΝΙΣΕΝ, ΙΣΧΥΡΙΣΜΟΙ ΤΗΝ ΕΝΤΑΣΙΝ ΜΟΝΟΝ ΠΡΟΚΑΛΟΥΝ
Οὐδὲν διατρέχουν οἱ Τουρκοκύπριοι
ΛΕΥΚΩΣΙΑ, 5. (Ἀθηναϊκὸν Πρακτορεῖον). — Ὁ ὑπουργὸς Ἐξωτερικῶν κ. Κυπριανοῦ, ἀπαντῶν εἰς τὰς δηλώσεις τοῦ κ. Ἔρκιν, διεκήρυξεν ὅτι ἡ Κύπρος εἰς οὐδένα ἀναγνωρίζει τὸ δικαίωμα ἐπεμβάσεως εἰς τὰς ἐσωτερικάς της ὑποθέσεις. Τοιοῦτοι ἰσχυρισμοὶ τὴν ἔντασιν μόνον προκαλοῦν, ἐτόνισεν.
ΛΕΥΚΩΣΙΑ, 5. (Ἀθηναϊκὸν Πρακτορεῖον). — Ὁ ὑπουργὸς Ἐξωτερικῶν κ. Κυπριανοῦ, ἀπαντῶν εἰς τὰς δηλώσεις τοῦ κ. Ἔρκιν, διεκήρυξεν ὅτι ἡ Κύπρος εἰς οὐδένα ἀναγνωρίζει τὸ δικαίωμα ἐπεμβάσεως εἰς τὰς ἐσωτερικάς της ὑποθέσεις. Τοιοῦτοι ἰσχυρισμοὶ τὴν ἔντασιν μόνον προκαλοῦν, ἐτόνισεν.
ΛΕΥΚΩΣΙΑ, 5. (Ἀθηναϊκὸν Πρακτορεῖον). — Ὁ ὑπουργὸς Ἐξωτερικῶν κ. Κυπριανοῦ, ἀπαντῶν εἰς τὰς δηλώσεις τοῦ κ. Ἔρκιν, διεκήρυξεν ὅτι ἡ Κύπρος εἰς οὐδένα ἀναγνωρίζει τὸ δικαίωμα ἐπεμβάσεως εἰς τὰς ἐσωτερικάς της ὑποθέσεις. Τοιοῦτοι ἰσχυρισμοὶ τὴν ἔντασιν μόνον προκαλοῦν, ἐτόνισεν.
ΛΕΥΚΩΣΙΑ, 5. (Ἀθηναϊκὸν Πρακτορεῖον). — Ὁ ὑπουργὸς Ἐξωτερικῶν κ. Κυπριανοῦ, ἀπαντῶν εἰς τὰς δηλώσεις τοῦ κ. Ἔρκιν, διεκήρυξεν ὅτι ἡ Κύπρος εἰς οὐδένα ἀναγνωρίζει τὸ δικαίωμα ἐπεμβάσεως εἰς τὰς ἐσωτερικάς της ὑποθέσεις. Τοιοῦτοι ἰσχυρισμοὶ τὴν ἔντασιν μόνον προκαλοῦν, ἐτόνισεν.
ΛΕΥΚΩΣΙΑ, 5. (Ἀθηναϊκὸν Πρακτορεῖον). — Ὁ ὑπουργὸς Ἐξωτερικῶν κ. Κυπριανοῦ, ἀπαντῶν εἰς τὰς δηλώσεις τοῦ κ. Ἔρκιν, διεκήρυξεν ὅτι ἡ Κύπρος εἰς οὐδένα ἀναγνωρίζει τὸ δικαίωμα ἐπεμβάσεως εἰς τὰς ἐσωτερικάς της ὑποθέσεις. Τοιοῦτοι ἰσχυρισμοὶ τὴν ἔντασιν μόνον προκαλοῦν, ἐτόνισεν.
ΛΕΥΚΩΣΙΑ, 5. (Ἀθηναϊκὸν Πρακτορεῖον). — Ὁ ὑπουργὸς Ἐξωτερικῶν κ. Κυπριανοῦ, ἀπαντῶν εἰς τὰς δηλώσεις τοῦ κ. Ἔρκιν, διεκήρυξεν ὅτι ἡ Κύπρος εἰς οὐδένα ἀναγνωρίζει τὸ δικαίωμα ἐπεμβάσεως εἰς τὰς ἐσωτερικάς της ὑποθέσεις. Τοιοῦτοι ἰσχυρισμοὶ τὴν ἔντασιν μόνον προκαλοῦν, ἐτόνισεν.
